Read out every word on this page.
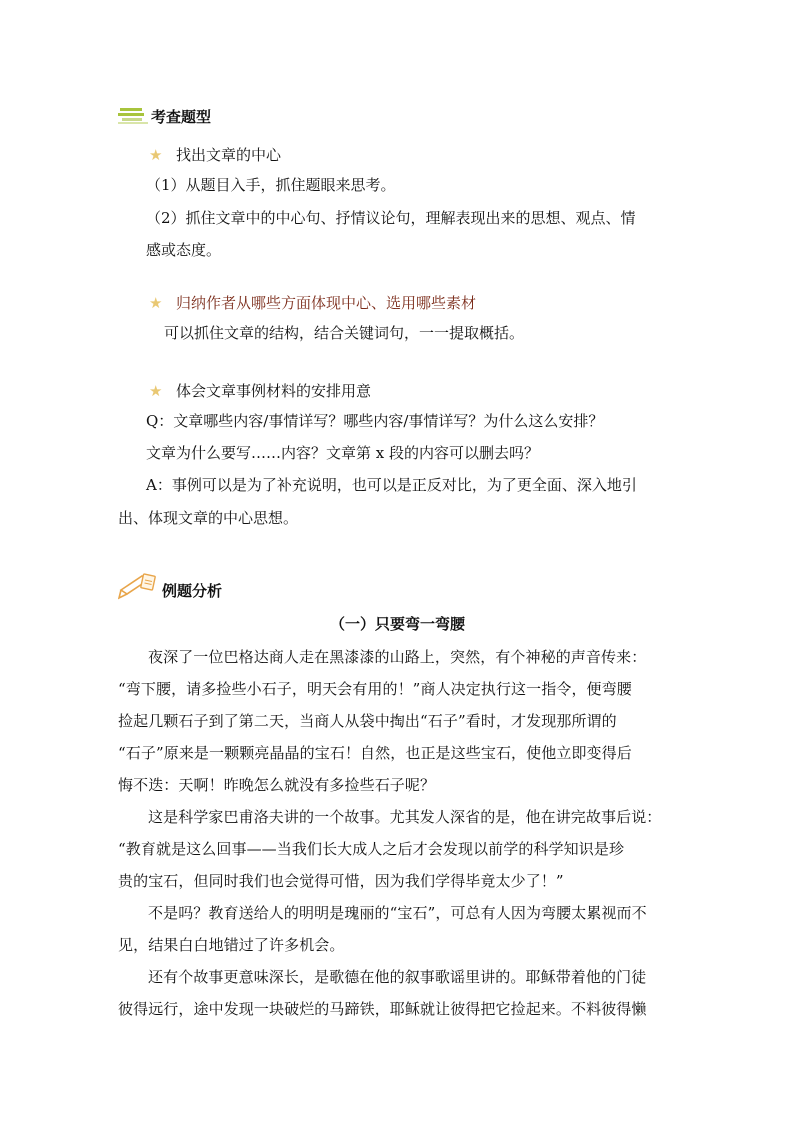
考查题型
★ 找出文章的中心
（1）从题目入手，抓住题眼来思考。
（2）抓住文章中的中心句、抒情议论句，理解表现出来的思想、观点、情
感或态度。
★ 归纳作者从哪些方面体现中心、选用哪些素材
可以抓住文章的结构，结合关键词句，一一提取概括。
★ 体会文章事例材料的安排用意
Q：文章哪些内容/事情详写？哪些内容/事情详写？为什么这么安排？
文章为什么要写……内容？文章第 x 段的内容可以删去吗？
A：事例可以是为了补充说明，也可以是正反对比，为了更全面、深入地引
出、体现文章的中心思想。
例题分析
（一）只要弯一弯腰
夜深了一位巴格达商人走在黑漆漆的山路上，突然，有个神秘的声音传来：
“弯下腰，请多捡些小石子，明天会有用的！”商人决定执行这一指令，便弯腰
捡起几颗石子到了第二天，当商人从袋中掏出“石子”看时，才发现那所谓的
“石子”原来是一颗颗亮晶晶的宝石！自然，也正是这些宝石，使他立即变得后
悔不迭：天啊！昨晚怎么就没有多捡些石子呢？
这是科学家巴甫洛夫讲的一个故事。尤其发人深省的是，他在讲完故事后说：
“教育就是这么回事——当我们长大成人之后才会发现以前学的科学知识是珍
贵的宝石，但同时我们也会觉得可惜，因为我们学得毕竟太少了！”
不是吗？教育送给人的明明是瑰丽的“宝石”，可总有人因为弯腰太累视而不
见，结果白白地错过了许多机会。
还有个故事更意味深长，是歌德在他的叙事歌谣里讲的。耶稣带着他的门徒
彼得远行，途中发现一块破烂的马蹄铁，耶稣就让彼得把它捡起来。不料彼得懒
